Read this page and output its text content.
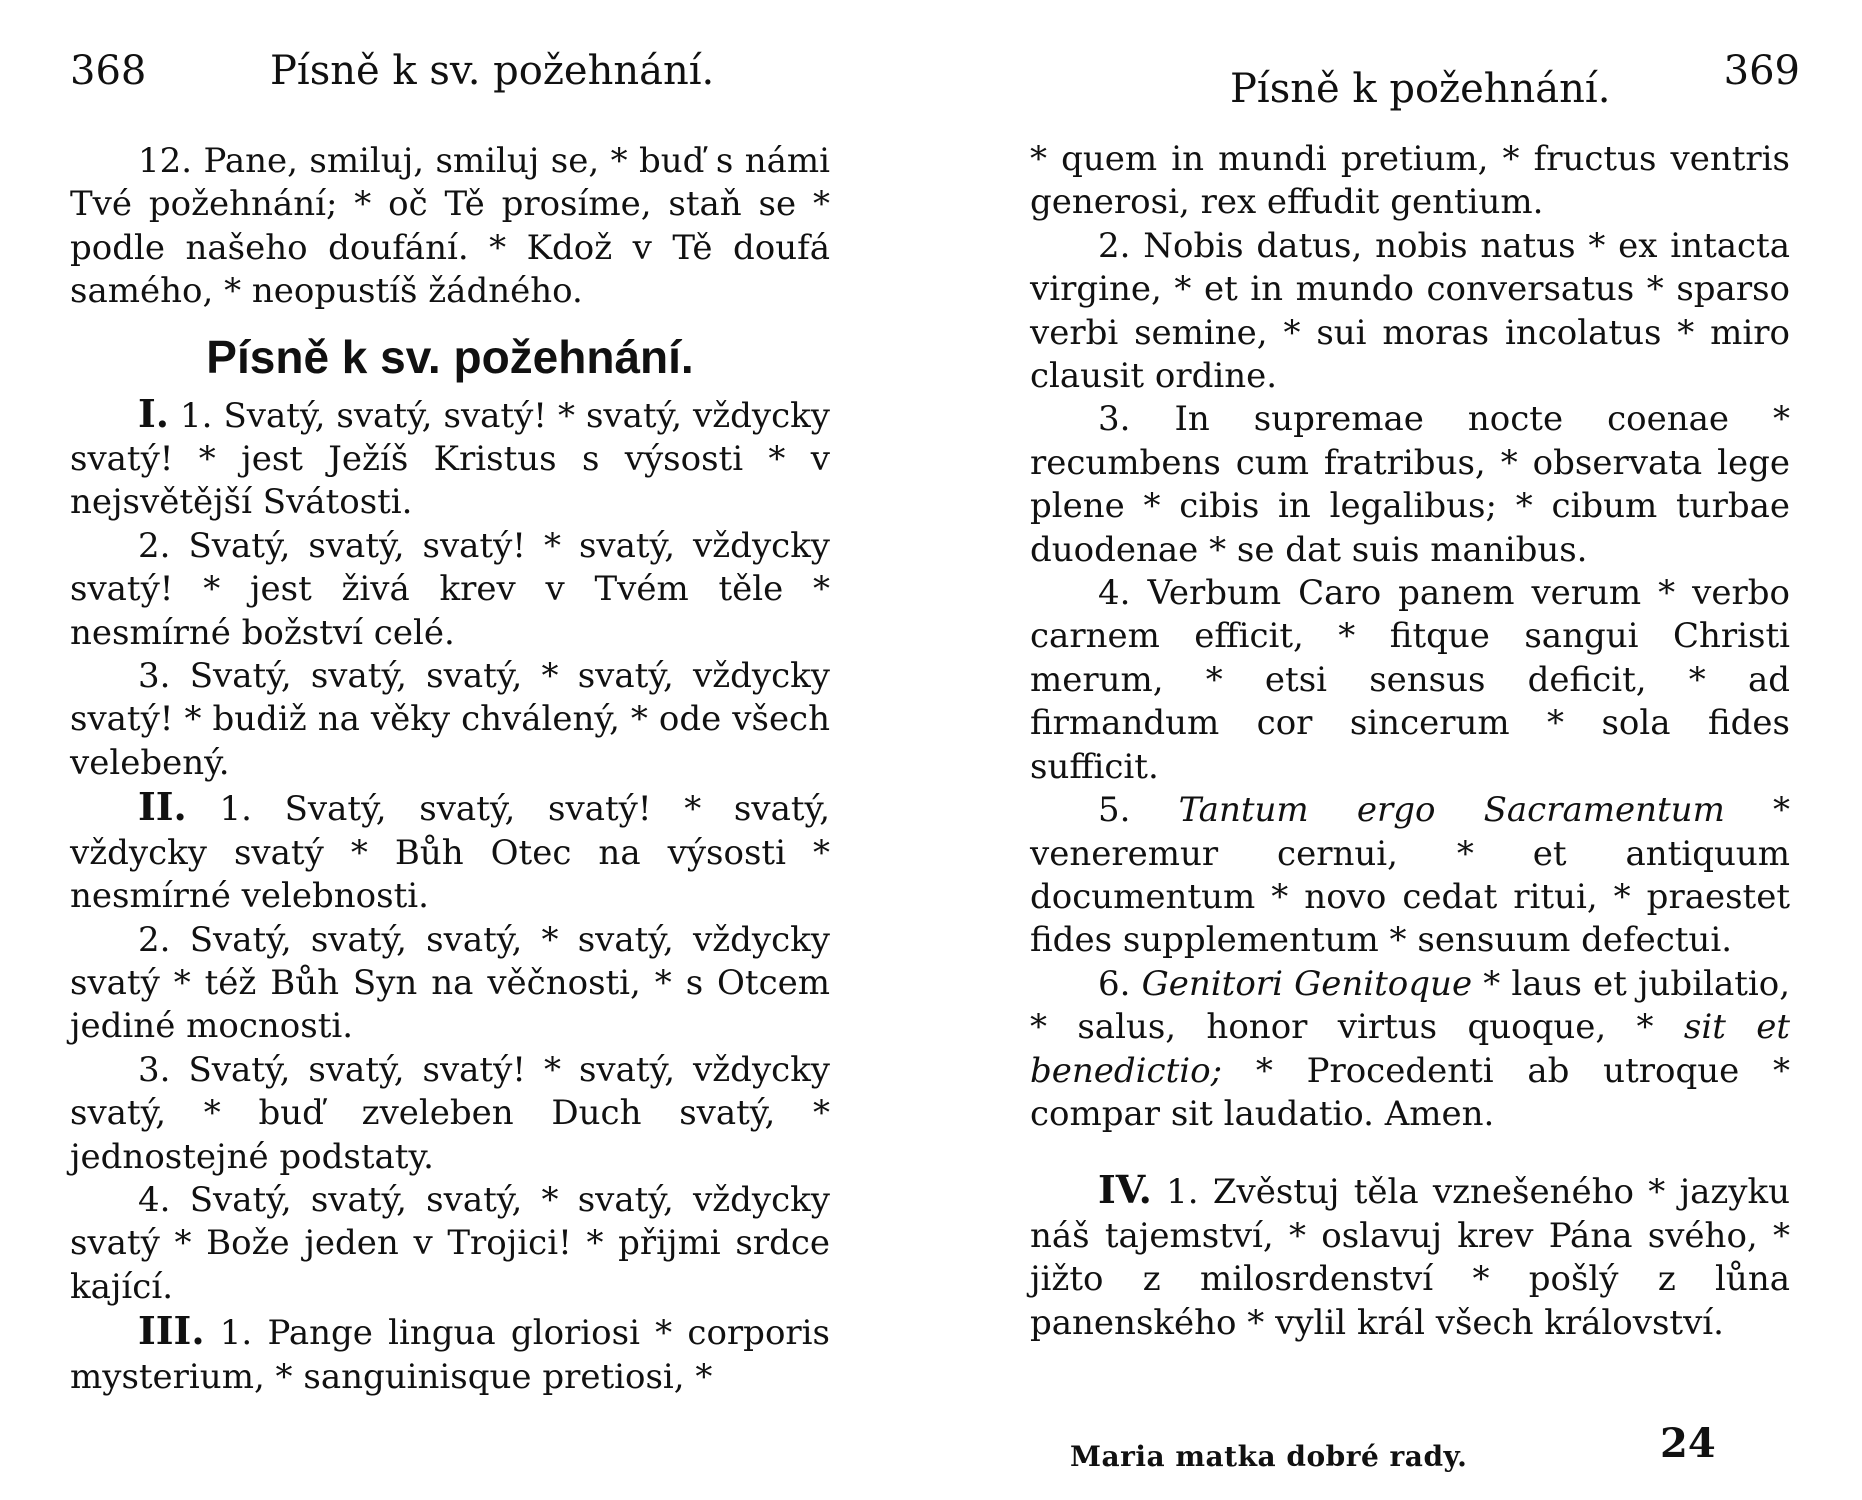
368	Písně k sv. požehnání.

12. Pane, smiluj, smiluj se, * buď s námi Tvé požehnání; * oč Tě prosíme, staň se * podle našeho doufání. * Kdož v Tě doufá samého, * neopustíš žádného.

Písně k sv. požehnání.

I. 1. Svatý, svatý, svatý! * svatý, vždycky svatý! * jest Ježíš Kristus s výsosti * v nejsvětější Svátosti.

2. Svatý, svatý, svatý! * svatý, vždycky svatý! * jest živá krev v Tvém těle * nesmírné božství celé.

3. Svatý, svatý, svatý, * svatý, vždycky svatý! * budiž na věky chválený, * ode všech velebený.

II. 1. Svatý, svatý, svatý! * svatý, vždycky svatý * Bůh Otec na výsosti * nesmírné velebnosti.

2. Svatý, svatý, svatý, * svatý, vždycky svatý * též Bůh Syn na věčnosti, * s Otcem jediné mocnosti.

3. Svatý, svatý, svatý! * svatý, vždycky svatý, * buď zveleben Duch svatý, * jednostejné podstaty.

4. Svatý, svatý, svatý, * svatý, vždycky svatý * Bože jeden v Trojici! * přijmi srdce kající.

III. 1. Pange lingua gloriosi * corporis mysterium, * sanguinisque pretiosi, *

Písně k požehnání.	369

* quem in mundi pretium, * fructus ventris generosi, rex effudit gentium.

2. Nobis datus, nobis natus * ex intacta virgine, * et in mundo conversatus * sparso verbi semine, * sui moras incolatus * miro clausit ordine.

3. In supremae nocte coenae * recumbens cum fratribus, * observata lege plene * cibis in legalibus; * cibum turbae duodenae * se dat suis manibus.

4. Verbum Caro panem verum * verbo carnem efficit, * fitque sangui Christi merum, * etsi sensus deficit, * ad firmandum cor sincerum * sola fides sufficit.

5. Tantum ergo Sacramentum * veneremur cernui, * et antiquum documentum * novo cedat ritui, * praestet fides supplementum * sensuum defectui.

6. Genitori Genitoque * laus et jubilatio, * salus, honor virtus quoque, * sit et benedictio; * Procedenti ab utroque * compar sit laudatio. Amen.

IV. 1. Zvěstuj těla vznešeného * jazyku náš tajemství, * oslavuj krev Pána svého, * jižto z milosrdenství * pošlý z lůna panenského * vylil král všech království.

Maria matka dobré rady.	24
